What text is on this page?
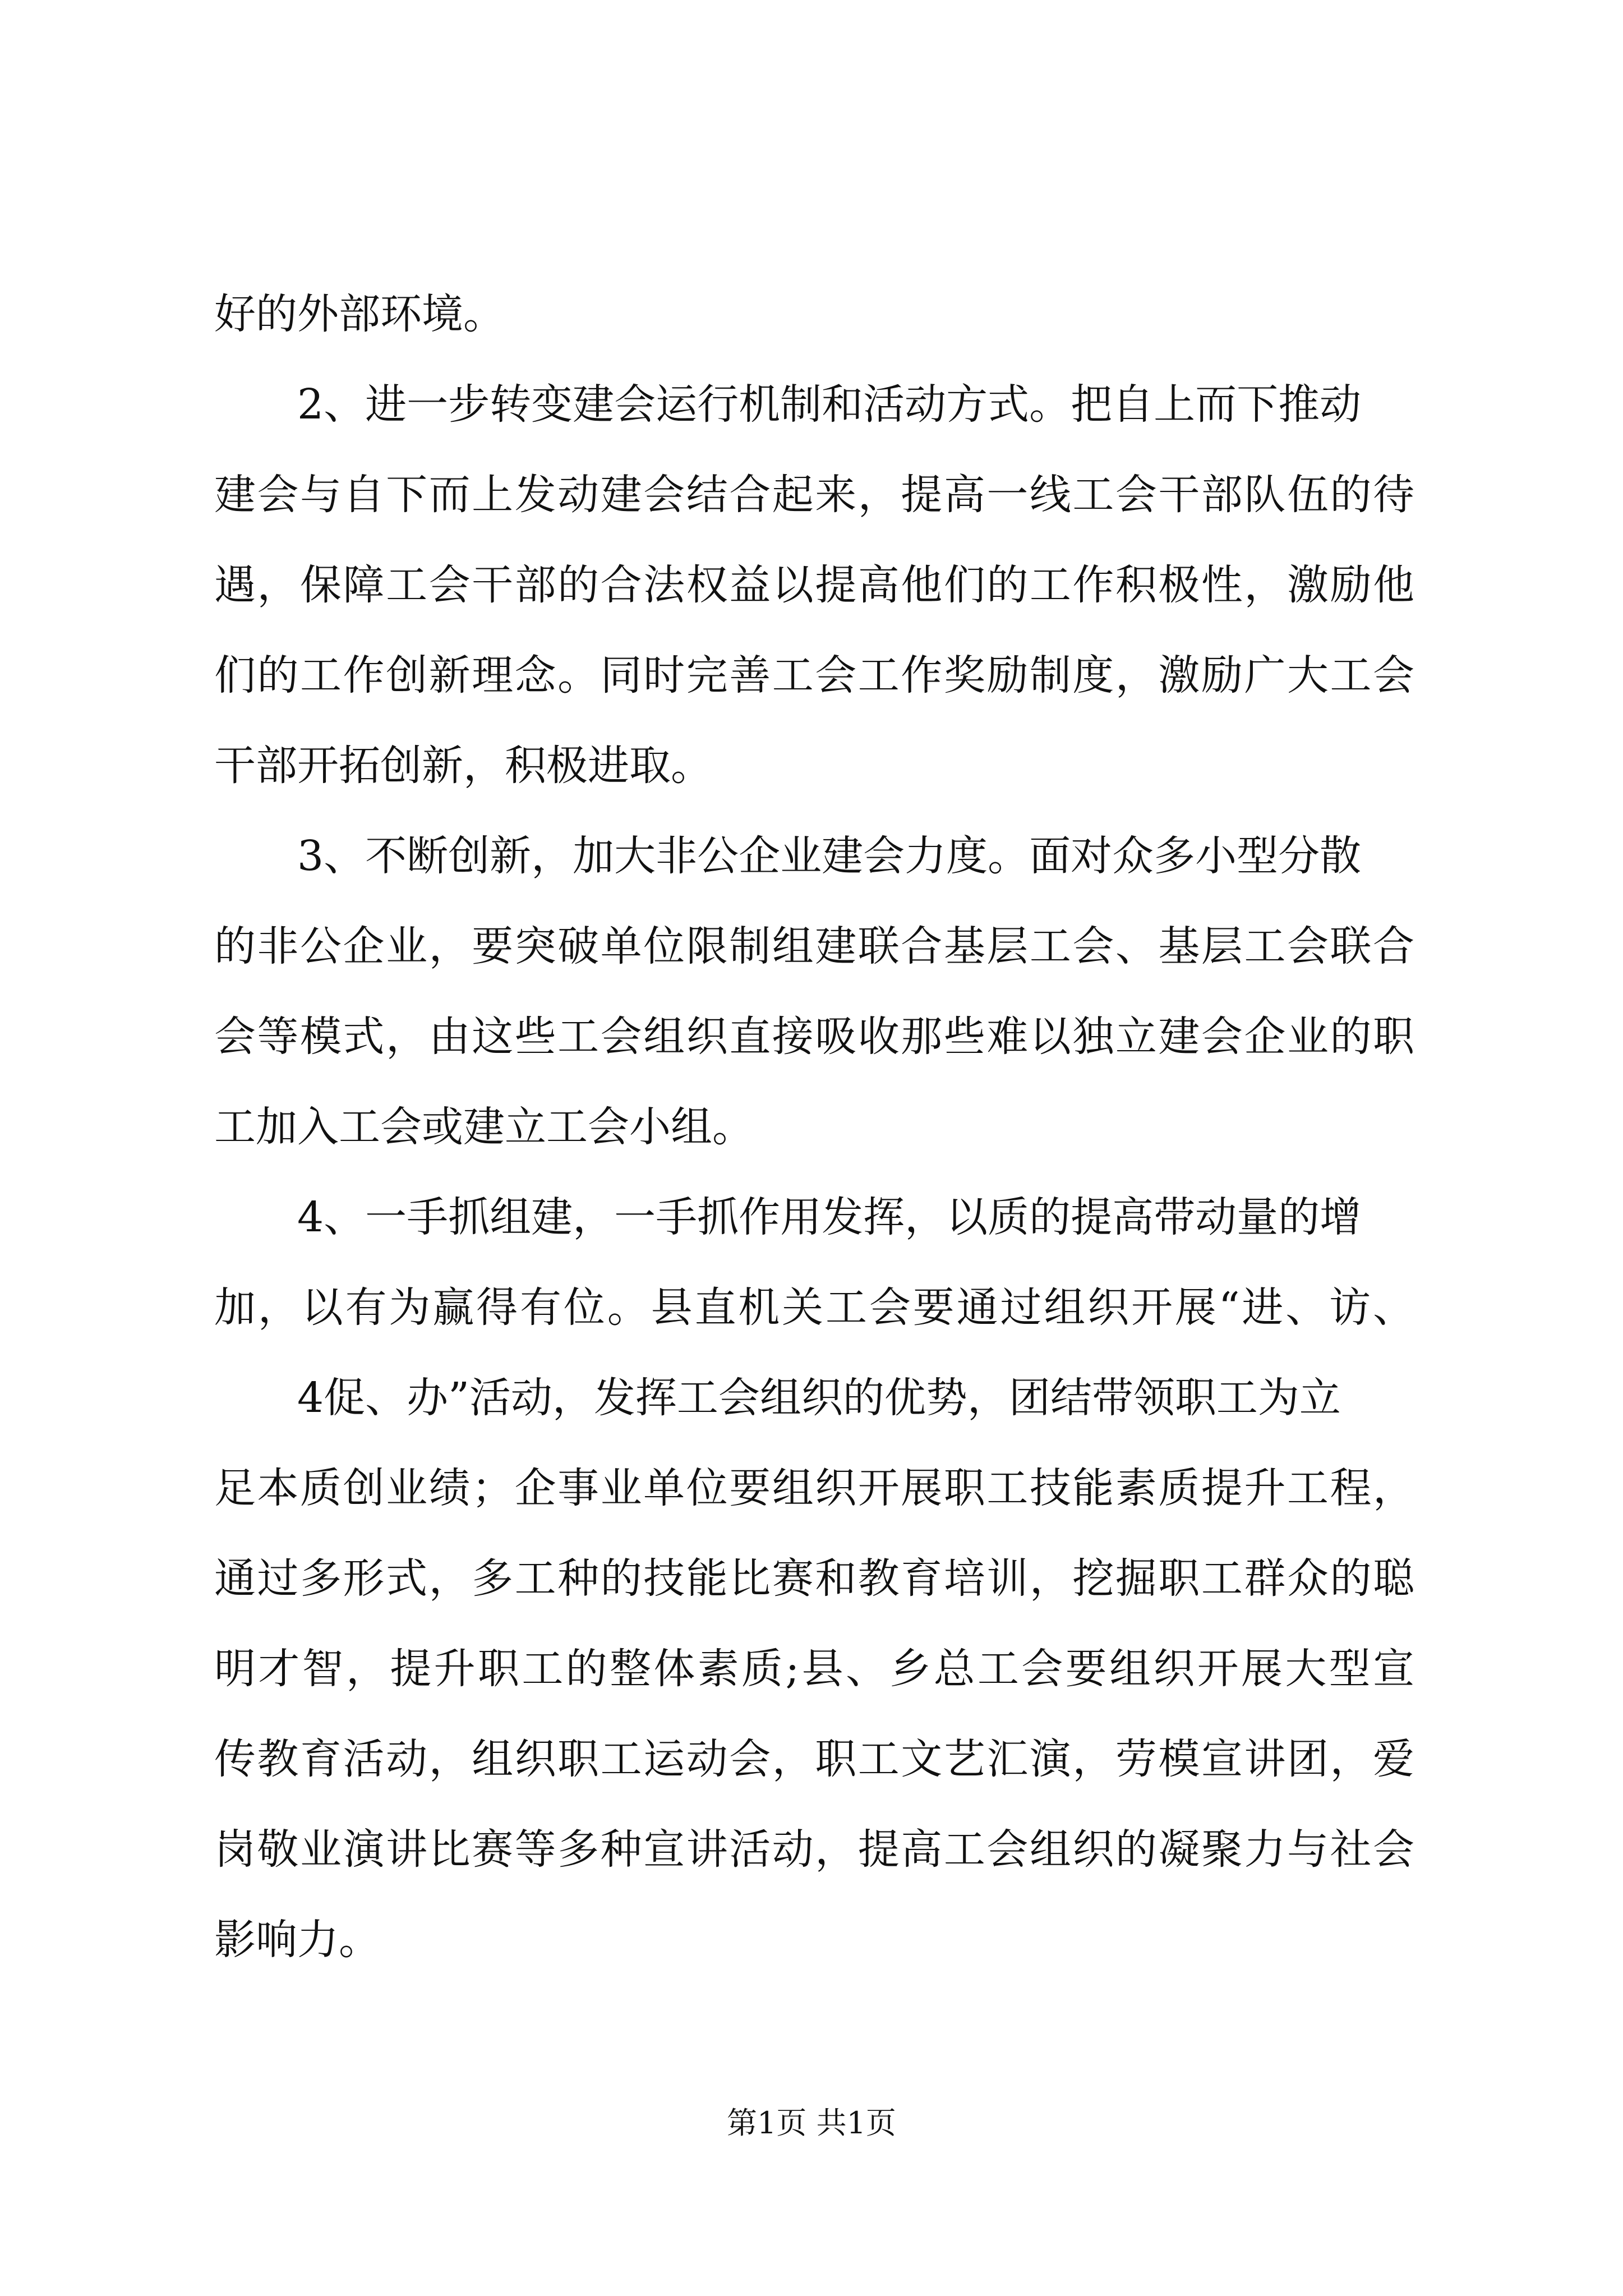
好的外部环境。
2、进一步转变建会运行机制和活动方式。把自上而下推动
建会与自下而上发动建会结合起来，提高一线工会干部队伍的待
遇，保障工会干部的合法权益以提高他们的工作积极性，激励他
们的工作创新理念。同时完善工会工作奖励制度，激励广大工会
干部开拓创新，积极进取。
3、不断创新，加大非公企业建会力度。面对众多小型分散
的非公企业，要突破单位限制组建联合基层工会、基层工会联合
会等模式，由这些工会组织直接吸收那些难以独立建会企业的职
工加入工会或建立工会小组。
4、一手抓组建，一手抓作用发挥，以质的提高带动量的增
加，以有为赢得有位。县直机关工会要通过组织开展“进、访、
4促、办”活动，发挥工会组织的优势，团结带领职工为立
足本质创业绩；企事业单位要组织开展职工技能素质提升工程，
通过多形式，多工种的技能比赛和教育培训，挖掘职工群众的聪
明才智，提升职工的整体素质;县、乡总工会要组织开展大型宣
传教育活动，组织职工运动会，职工文艺汇演，劳模宣讲团，爱
岗敬业演讲比赛等多种宣讲活动，提高工会组织的凝聚力与社会
影响力。
第1页 共1页
